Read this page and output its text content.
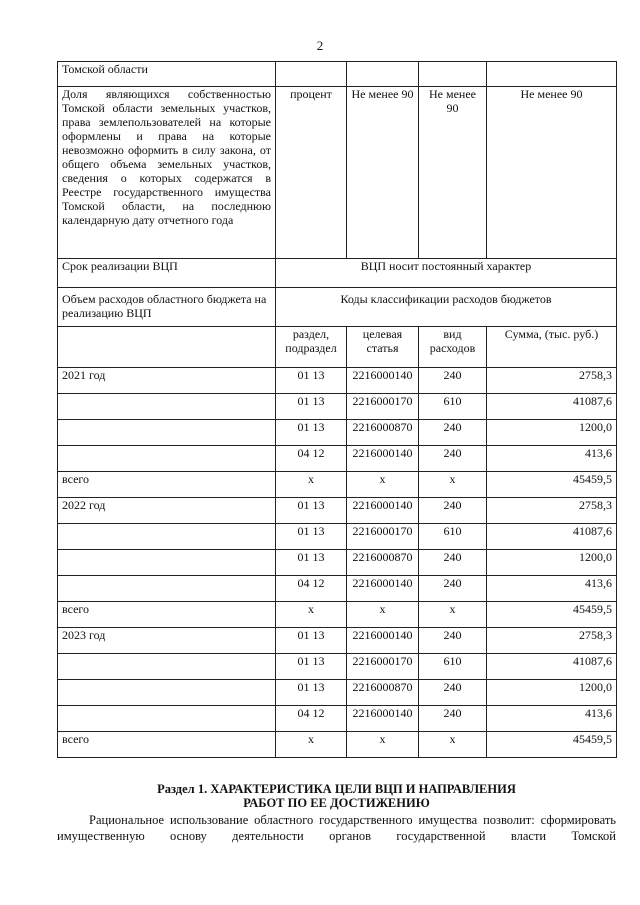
2
Томской области				
Доля являющихся собственностью Томской области земельных участков, права землепользователей на которые оформлены и права на которые невозможно оформить в силу закона, от общего объема земельных участков, сведения о которых содержатся в Реестре государственного имущества Томской области, на последнюю календарную дату отчетного года	процент	Не менее 90	Не менее 90	Не менее 90
Срок реализации ВЦП	ВЦП носит постоянный характер			
Объем расходов областного бюджета на реализацию ВЦП	Коды классификации расходов бюджетов			
	раздел, подраздел	целевая статья	вид расходов	Сумма, (тыс. руб.)
2021 год	01 13	2216000140	240	2758,3
	01 13	2216000170	610	41087,6
	01 13	2216000870	240	1200,0
	04 12	2216000140	240	413,6
всего	х	х	х	45459,5
2022 год	01 13	2216000140	240	2758,3
	01 13	2216000170	610	41087,6
	01 13	2216000870	240	1200,0
	04 12	2216000140	240	413,6
всего	х	х	х	45459,5
2023 год	01 13	2216000140	240	2758,3
	01 13	2216000170	610	41087,6
	01 13	2216000870	240	1200,0
	04 12	2216000140	240	413,6
всего	х	х	х	45459,5
Раздел 1. ХАРАКТЕРИСТИКА ЦЕЛИ ВЦП И НАПРАВЛЕНИЯ
РАБОТ ПО ЕЕ ДОСТИЖЕНИЮ
Рациональное использование областного государственного имущества позволит: сформировать имущественную основу деятельности органов государственной власти Томской
